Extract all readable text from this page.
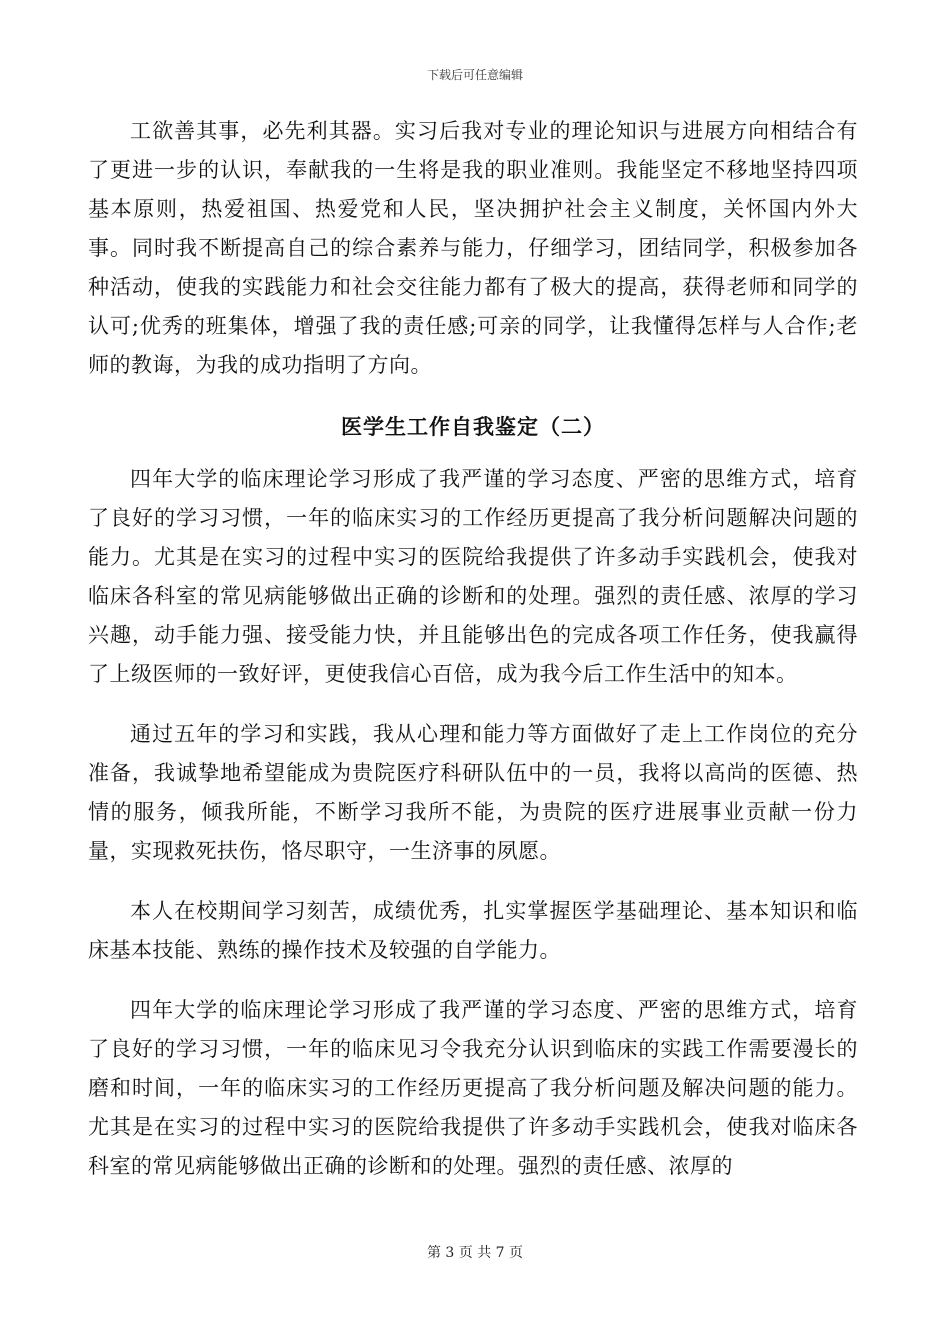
下载后可任意编辑

工欲善其事，必先利其器。实习后我对专业的理论知识与进展方向相结合有了更进一步的认识，奉献我的一生将是我的职业准则。我能坚定不移地坚持四项基本原则，热爱祖国、热爱党和人民，坚决拥护社会主义制度，关怀国内外大事。同时我不断提高自己的综合素养与能力，仔细学习，团结同学，积极参加各种活动，使我的实践能力和社会交往能力都有了极大的提高，获得老师和同学的认可;优秀的班集体，增强了我的责任感;可亲的同学，让我懂得怎样与人合作;老师的教诲，为我的成功指明了方向。

医学生工作自我鉴定（二）

四年大学的临床理论学习形成了我严谨的学习态度、严密的思维方式，培育了良好的学习习惯，一年的临床实习的工作经历更提高了我分析问题解决问题的能力。尤其是在实习的过程中实习的医院给我提供了许多动手实践机会，使我对临床各科室的常见病能够做出正确的诊断和的处理。强烈的责任感、浓厚的学习兴趣，动手能力强、接受能力快，并且能够出色的完成各项工作任务，使我赢得了上级医师的一致好评，更使我信心百倍，成为我今后工作生活中的知本。

通过五年的学习和实践，我从心理和能力等方面做好了走上工作岗位的充分准备，我诚挚地希望能成为贵院医疗科研队伍中的一员，我将以高尚的医德、热情的服务，倾我所能，不断学习我所不能，为贵院的医疗进展事业贡献一份力量，实现救死扶伤，恪尽职守，一生济事的夙愿。

本人在校期间学习刻苦，成绩优秀，扎实掌握医学基础理论、基本知识和临床基本技能、熟练的操作技术及较强的自学能力。

四年大学的临床理论学习形成了我严谨的学习态度、严密的思维方式，培育了良好的学习习惯，一年的临床见习令我充分认识到临床的实践工作需要漫长的磨和时间，一年的临床实习的工作经历更提高了我分析问题及解决问题的能力。尤其是在实习的过程中实习的医院给我提供了许多动手实践机会，使我对临床各科室的常见病能够做出正确的诊断和的处理。强烈的责任感、浓厚的

第 3 页 共 7 页
